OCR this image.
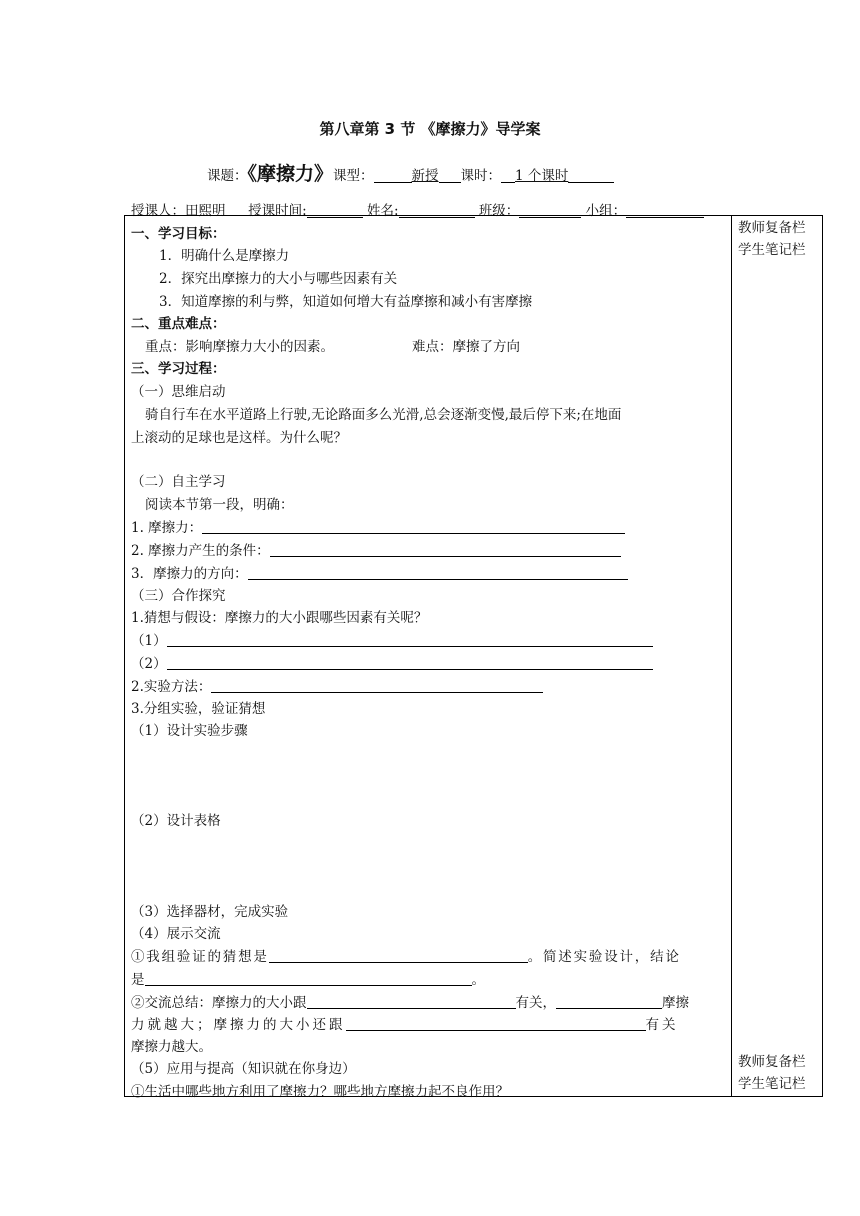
第八章第 3 节 《摩擦力》导学案
课题：《摩擦力》课型：	新授 课时： 1 个课时
授课人：田熙明 授课时间:	姓名:	班级：	小组：
教师复备栏
学生笔记栏
教师复备栏
学生笔记栏
一、学习目标：
1．明确什么是摩擦力
2．探究出摩擦力的大小与哪些因素有关
3．知道摩擦的利与弊，知道如何增大有益摩擦和减小有害摩擦
二、重点难点：
重点：影响摩擦力大小的因素。	难点：摩擦了方向
三、学习过程：
（一）思维启动
骑自行车在水平道路上行驶,无论路面多么光滑,总会逐渐变慢,最后停下来;在地面
上滚动的足球也是这样。为什么呢？
（二）自主学习
阅读本节第一段，明确：
1. 摩擦力：
2. 摩擦力产生的条件：
3．摩擦力的方向：
（三）合作探究
1.猜想与假设：摩擦力的大小跟哪些因素有关呢？
（1）
（2）
2.实验方法：
3.分组实验，验证猜想
（1）设计实验步骤
（2）设计表格
（3）选择器材，完成实验
（4）展示交流
①我组验证的猜想是	。简述实验设计，结论
是	。
②交流总结：摩擦力的大小跟	有关，	摩擦
力就越大；摩擦力的大小还跟	有关
摩擦力越大。
（5）应用与提高（知识就在你身边）
①生活中哪些地方利用了摩擦力？哪些地方摩擦力起不良作用？
